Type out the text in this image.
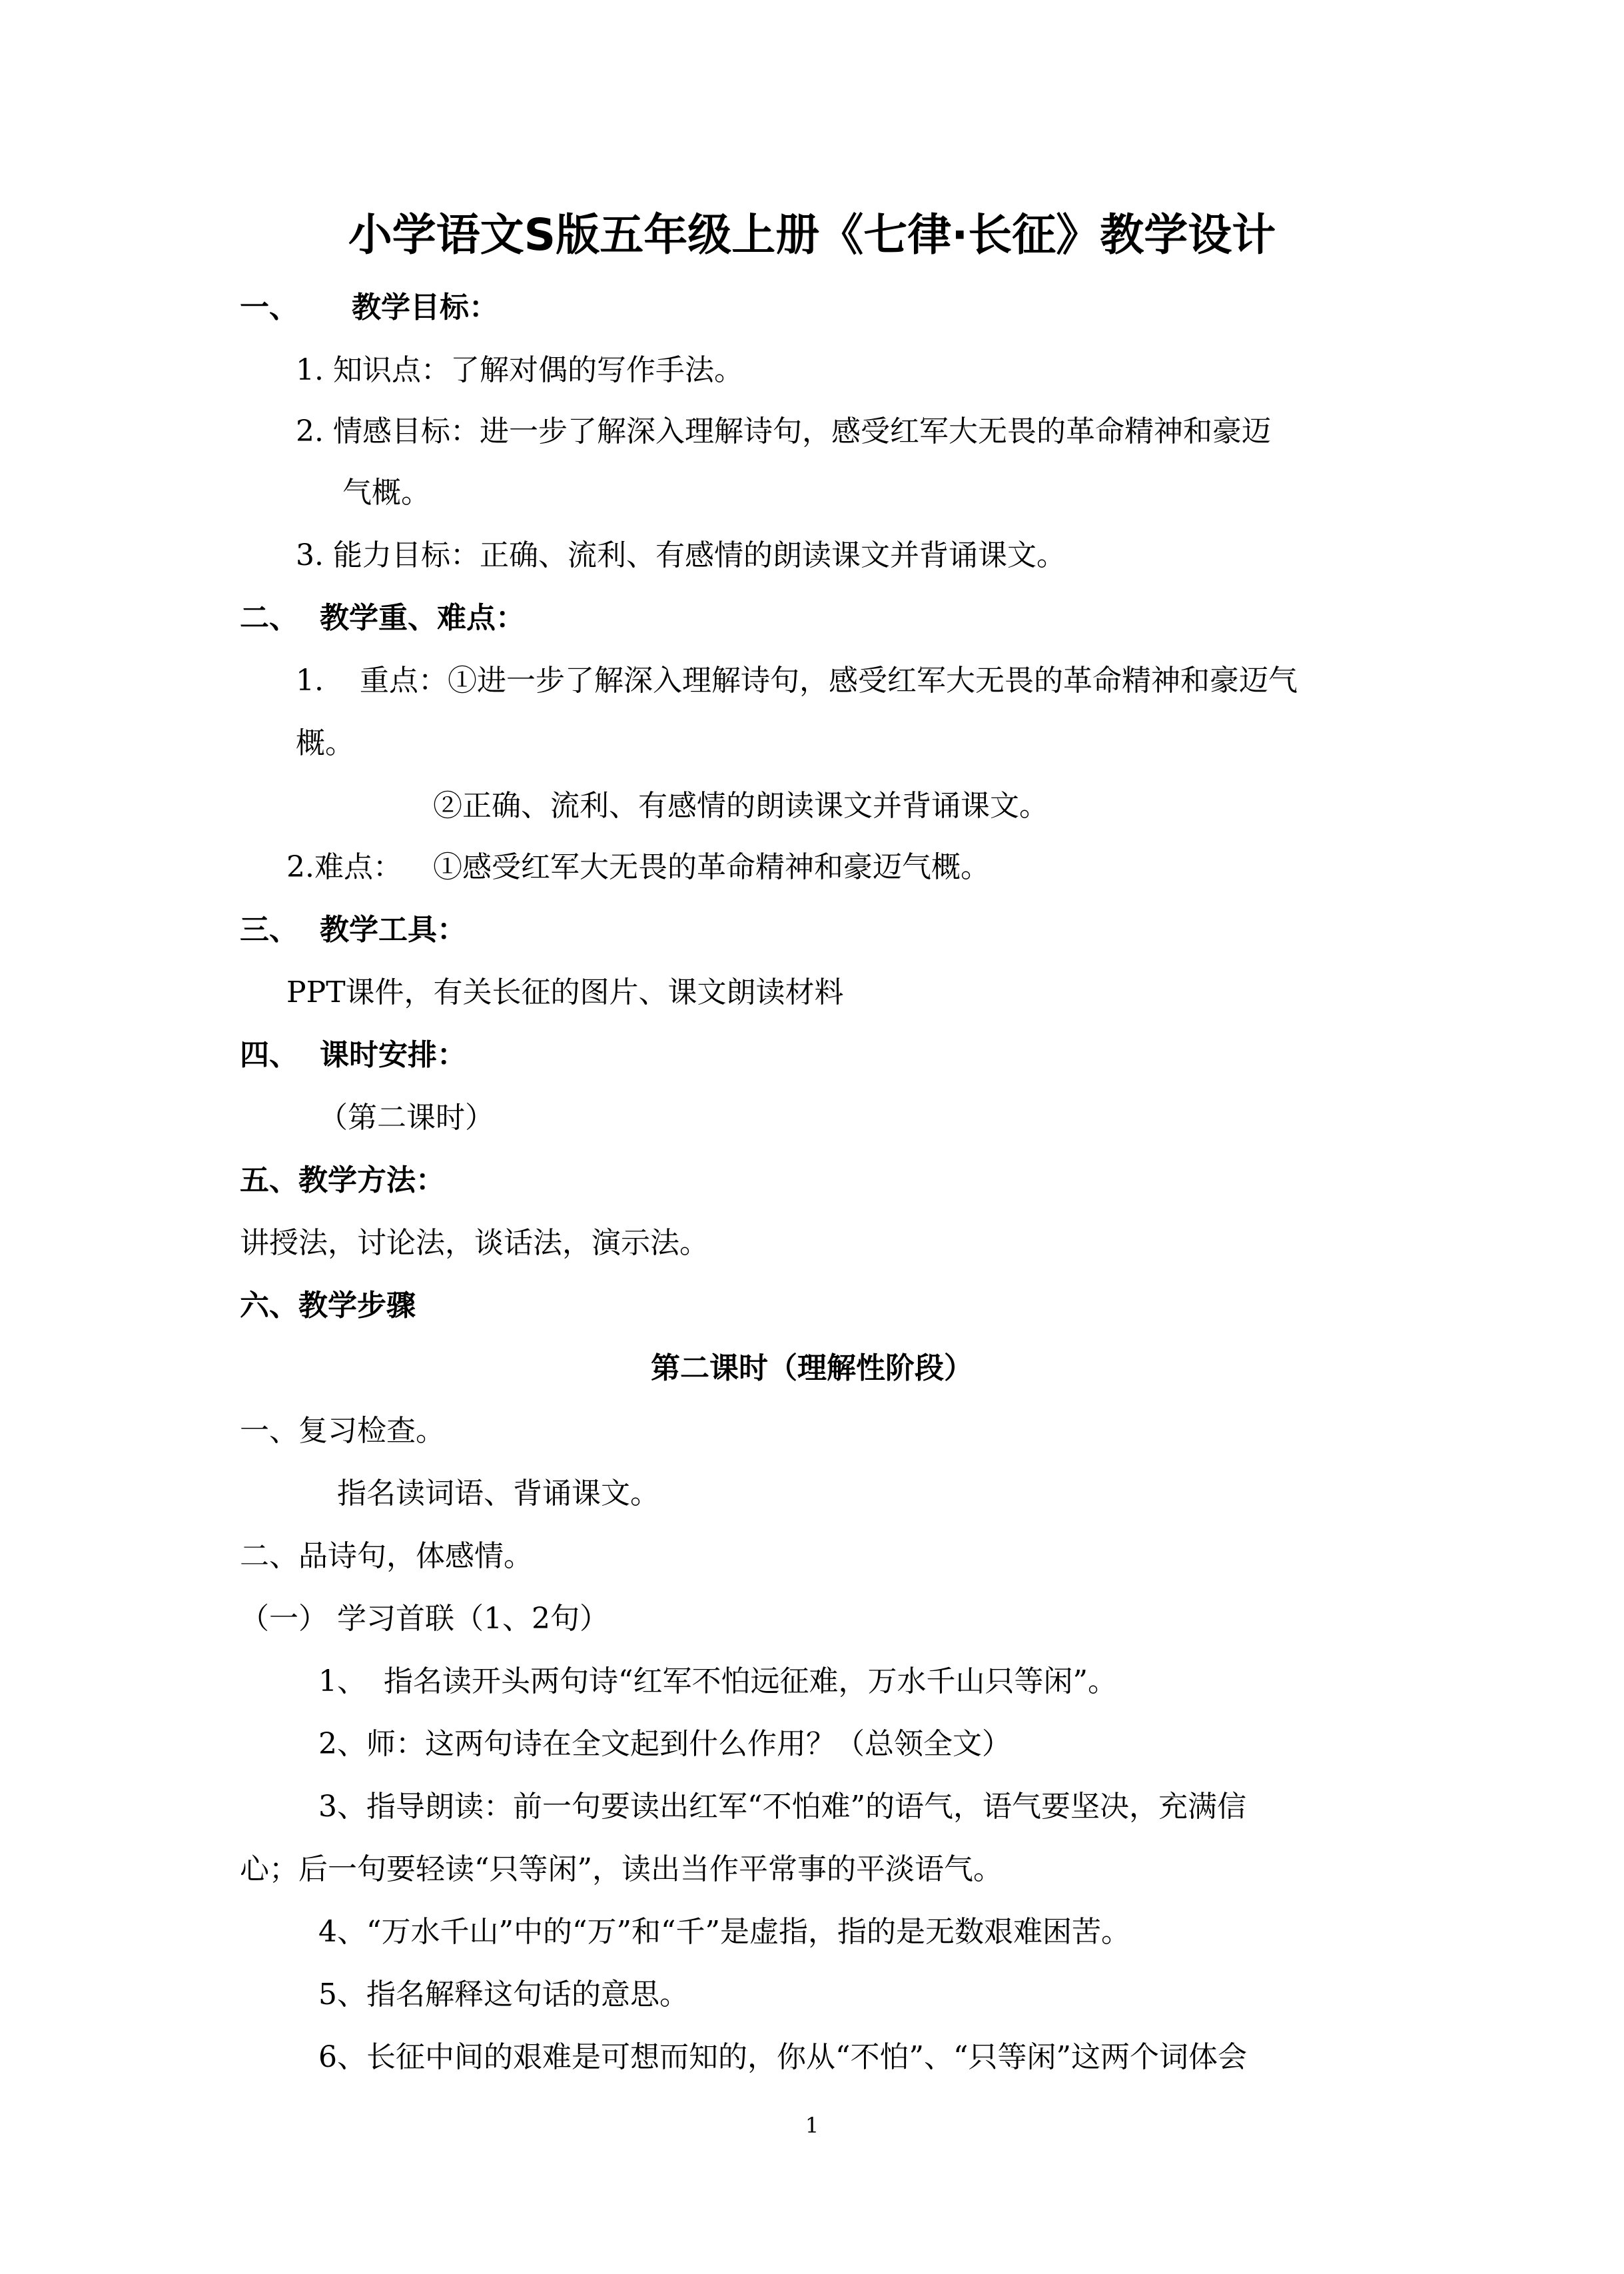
小学语文S版五年级上册《七律·长征》教学设计
一、 教学目标：
1. 知识点：了解对偶的写作手法。
2. 情感目标：进一步了解深入理解诗句，感受红军大无畏的革命精神和豪迈
气概。
3. 能力目标：正确、流利、有感情的朗读课文并背诵课文。
二、 教学重、难点：
1. 重点：①进一步了解深入理解诗句，感受红军大无畏的革命精神和豪迈气
概。
②正确、流利、有感情的朗读课文并背诵课文。
2.难点： ①感受红军大无畏的革命精神和豪迈气概。
三、 教学工具：
PPT课件，有关长征的图片、课文朗读材料
四、 课时安排：
（第二课时）
五、教学方法：
讲授法，讨论法，谈话法，演示法。
六、教学步骤
第二课时（理解性阶段）
一、复习检查。
指名读词语、背诵课文。
二、品诗句，体感情。
（一） 学习首联（1、2句）
1、 指名读开头两句诗“红军不怕远征难，万水千山只等闲”。
2、师：这两句诗在全文起到什么作用？（总领全文）
3、指导朗读：前一句要读出红军“不怕难”的语气，语气要坚决，充满信
心；后一句要轻读“只等闲”，读出当作平常事的平淡语气。
4、“万水千山”中的“万”和“千”是虚指，指的是无数艰难困苦。
5、指名解释这句话的意思。
6、长征中间的艰难是可想而知的，你从“不怕”、“只等闲”这两个词体会
1
